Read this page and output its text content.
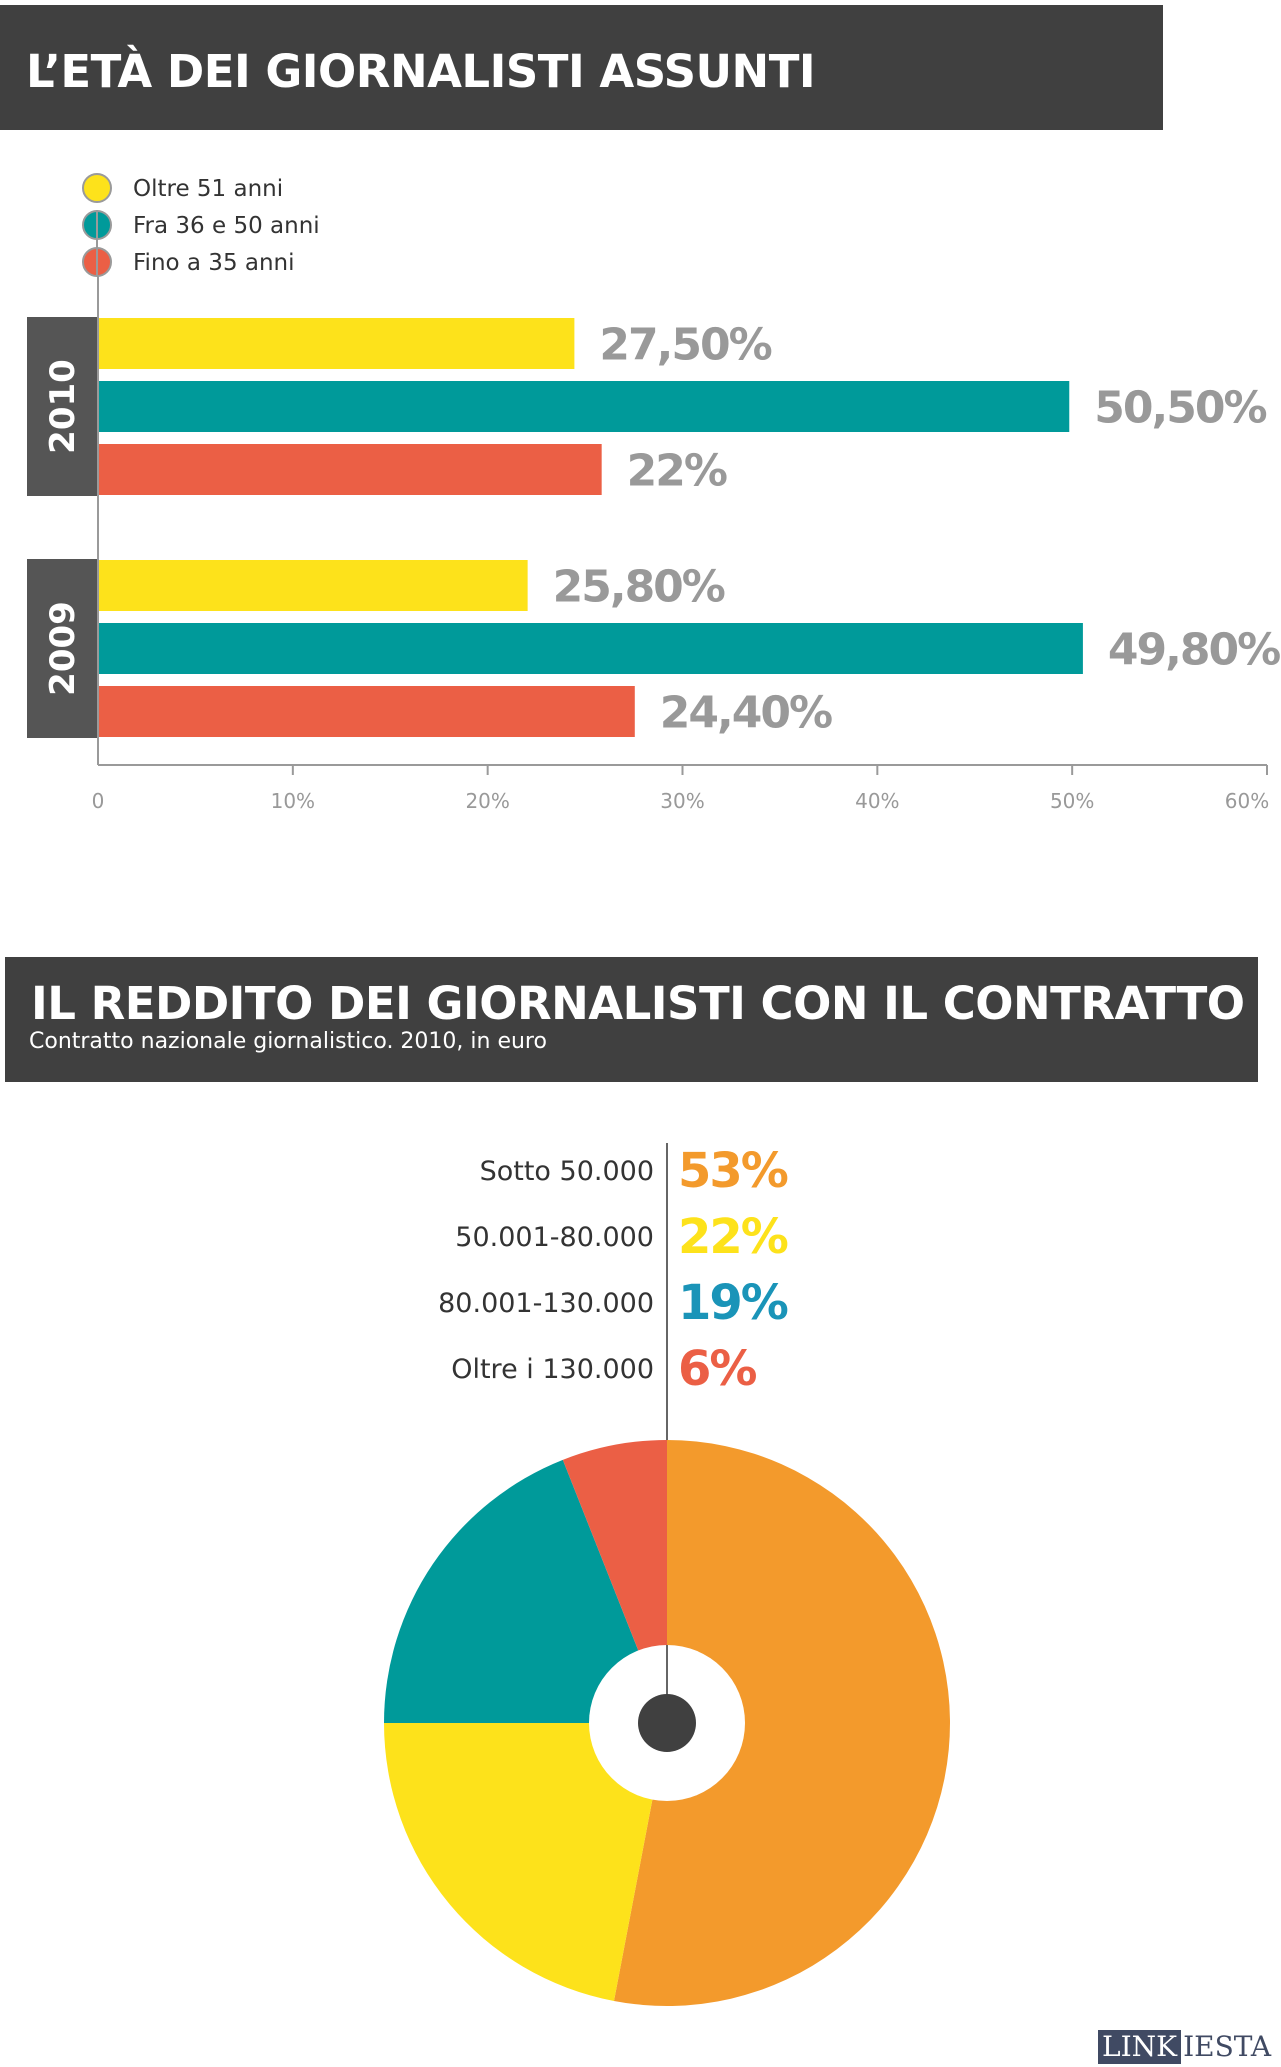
L’ETÀ DEI GIORNALISTI ASSUNTI
IL REDDITO DEI GIORNALISTI CON IL CONTRATTO
Contratto nazionale giornalistico. 2010, in euro
Oltre 51 anni
Fra 36 e 50 anni
Fino a 35 anni
2010
27,50%
50,50%
22%
2009
25,80%
49,80%
24,40%
0	10%	20%	30%	40%	50%	60%
Sotto 50.000 53%
50.001-80.000 22%
80.001-130.000 19%
Oltre i 130.000 6%
LINK IESTA
